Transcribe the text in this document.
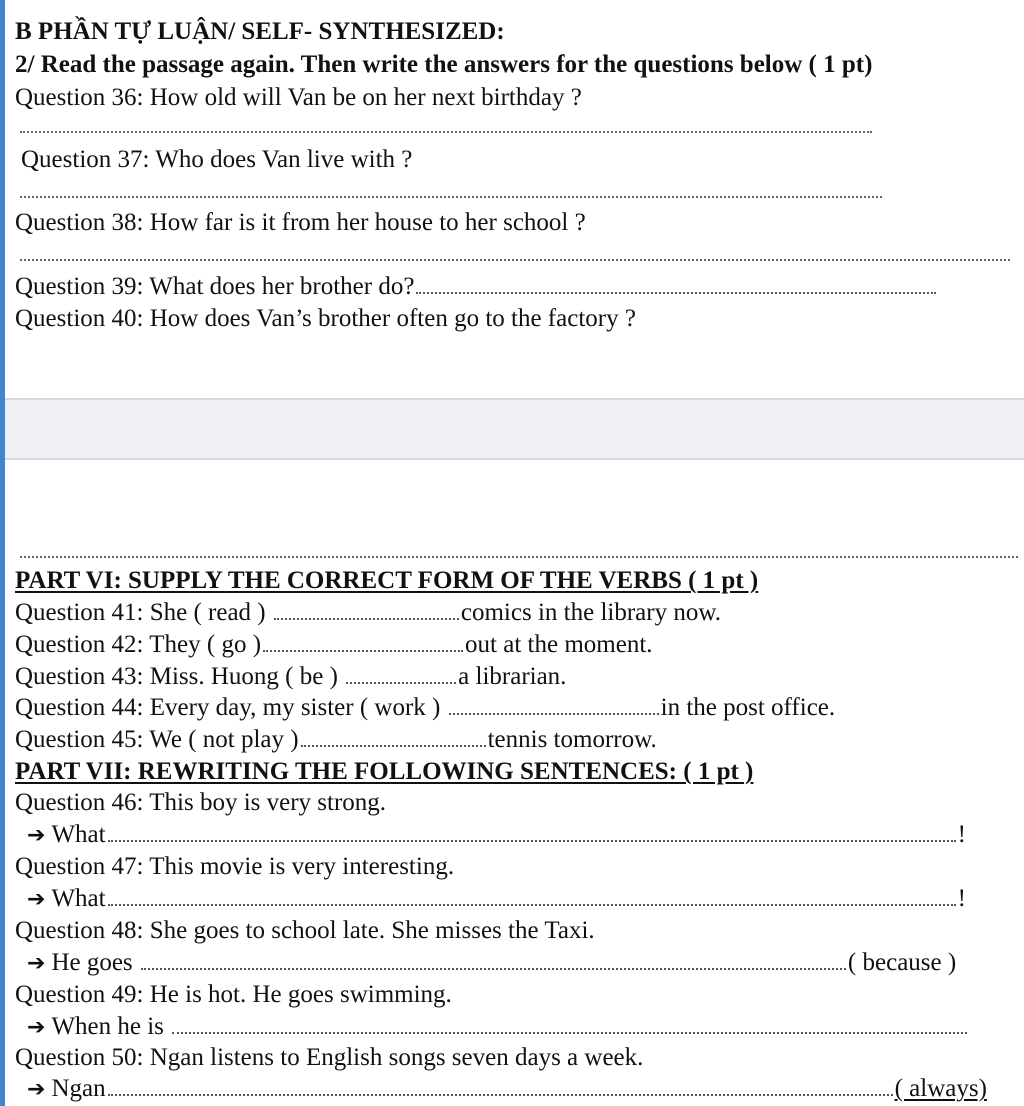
B PHẦN TỰ LUẬN/ SELF- SYNTHESIZED:
2/ Read the passage again. Then write the answers for the questions below ( 1 pt)
Question 36: How old will Van be on her next birthday ?
Question 37: Who does Van live with ?
Question 38: How far is it from her house to her school ?
Question 39: What does her brother do?
Question 40: How does Van’s brother often go to the factory ?
PART VI: SUPPLY THE CORRECT FORM OF THE VERBS ( 1 pt )
Question 41: She ( read )	comics in the library now.
Question 42: They ( go )	out at the moment.
Question 43: Miss. Huong ( be )	a librarian.
Question 44: Every day, my sister ( work )	in the post office.
Question 45: We ( not play )	tennis tomorrow.
PART VII: REWRITING THE FOLLOWING SENTENCES: ( 1 pt )
Question 46: This boy is very strong.
➔ What	!
Question 47: This movie is very interesting.
➔ What	!
Question 48: She goes to school late. She misses the Taxi.
➔ He goes	( because )
Question 49: He is hot. He goes swimming.
➔ When he is
Question 50: Ngan listens to English songs seven days a week.
➔ Ngan	( always)
